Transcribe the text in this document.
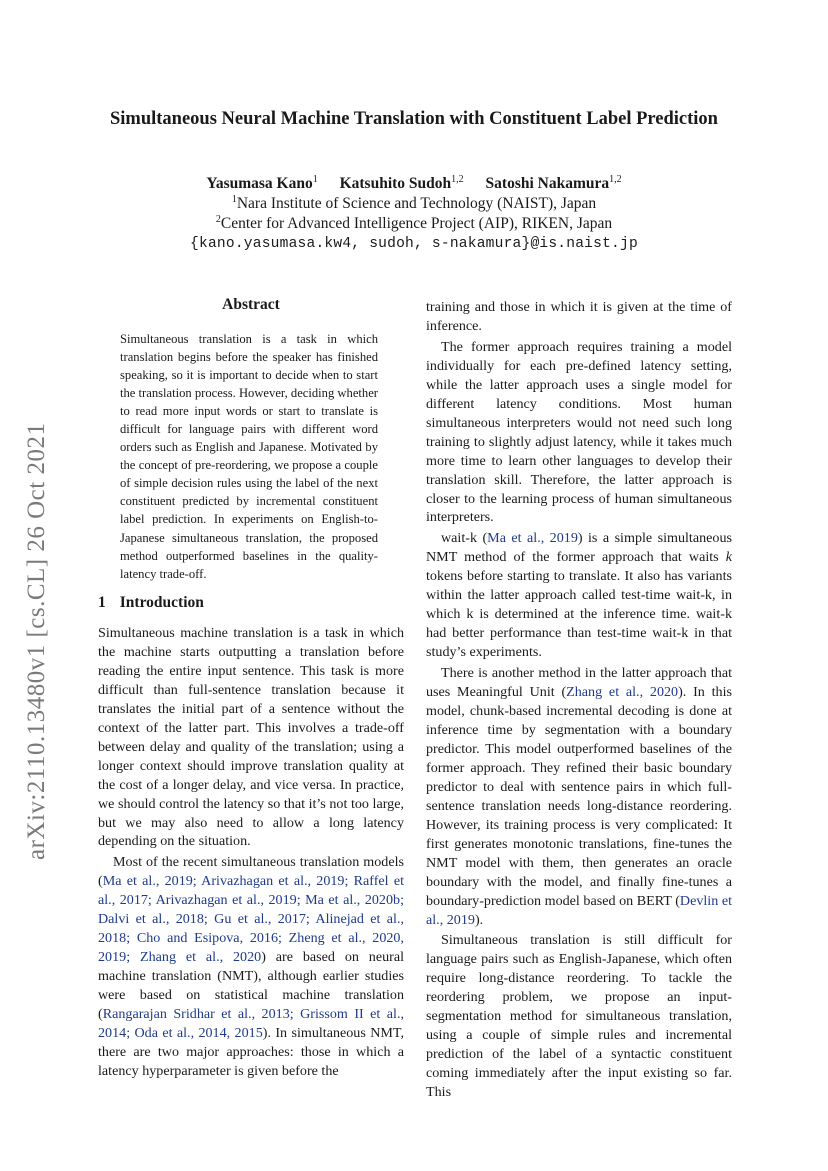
arXiv:2110.13480v1 [cs.CL] 26 Oct 2021
Simultaneous Neural Machine Translation with Constituent Label Prediction
Yasumasa Kano$^1$ Katsuhito Sudoh$^{1,2}$ Satoshi Nakamura$^{1,2}$
$^1$Nara Institute of Science and Technology (NAIST), Japan
$^2$Center for Advanced Intelligence Project (AIP), RIKEN, Japan
{kano.yasumasa.kw4, sudoh, s-nakamura}@is.naist.jp
Abstract
Simultaneous translation is a task in which translation begins before the speaker has finished speaking, so it is important to decide when to start the translation process. However, deciding whether to read more input words or start to translate is difficult for language pairs with different word orders such as English and Japanese. Motivated by the concept of pre-reordering, we propose a couple of simple decision rules using the label of the next constituent predicted by incremental constituent label prediction. In experiments on English-to-Japanese simultaneous translation, the proposed method outperformed baselines in the quality-latency trade-off.
1 Introduction

Simultaneous machine translation is a task in which the machine starts outputting a translation before reading the entire input sentence. This task is more difficult than full-sentence translation because it translates the initial part of a sentence without the context of the latter part. This involves a trade-off between delay and quality of the translation; using a longer context should improve translation quality at the cost of a longer delay, and vice versa. In practice, we should control the latency so that it’s not too large, but we may also need to allow a long latency depending on the situation.

Most of the recent simultaneous translation models (Ma et al., 2019; Arivazhagan et al., 2019; Raffel et al., 2017; Arivazhagan et al., 2019; Ma et al., 2020b; Dalvi et al., 2018; Gu et al., 2017; Alinejad et al., 2018; Cho and Esipova, 2016; Zheng et al., 2020, 2019; Zhang et al., 2020) are based on neural machine translation (NMT), although earlier studies were based on statistical machine translation (Rangarajan Sridhar et al., 2013; Grissom II et al., 2014; Oda et al., 2014, 2015). In simultaneous NMT, there are two major approaches: those in which a latency hyperparameter is given before the

training and those in which it is given at the time of inference.

The former approach requires training a model individually for each pre-defined latency setting, while the latter approach uses a single model for different latency conditions. Most human simultaneous interpreters would not need such long training to slightly adjust latency, while it takes much more time to learn other languages to develop their translation skill. Therefore, the latter approach is closer to the learning process of human simultaneous interpreters.

wait-k (Ma et al., 2019) is a simple simultaneous NMT method of the former approach that waits k tokens before starting to translate. It also has variants within the latter approach called test-time wait-k, in which k is determined at the inference time. wait-k had better performance than test-time wait-k in that study’s experiments.

There is another method in the latter approach that uses Meaningful Unit (Zhang et al., 2020). In this model, chunk-based incremental decoding is done at inference time by segmentation with a boundary predictor. This model outperformed baselines of the former approach. They refined their basic boundary predictor to deal with sentence pairs in which full-sentence translation needs long-distance reordering. However, its training process is very complicated: It first generates monotonic translations, fine-tunes the NMT model with them, then generates an oracle boundary with the model, and finally fine-tunes a boundary-prediction model based on BERT (Devlin et al., 2019).

Simultaneous translation is still difficult for language pairs such as English-Japanese, which often require long-distance reordering. To tackle the reordering problem, we propose an input-segmentation method for simultaneous translation, using a couple of simple rules and incremental prediction of the label of a syntactic constituent coming immediately after the input existing so far. This
